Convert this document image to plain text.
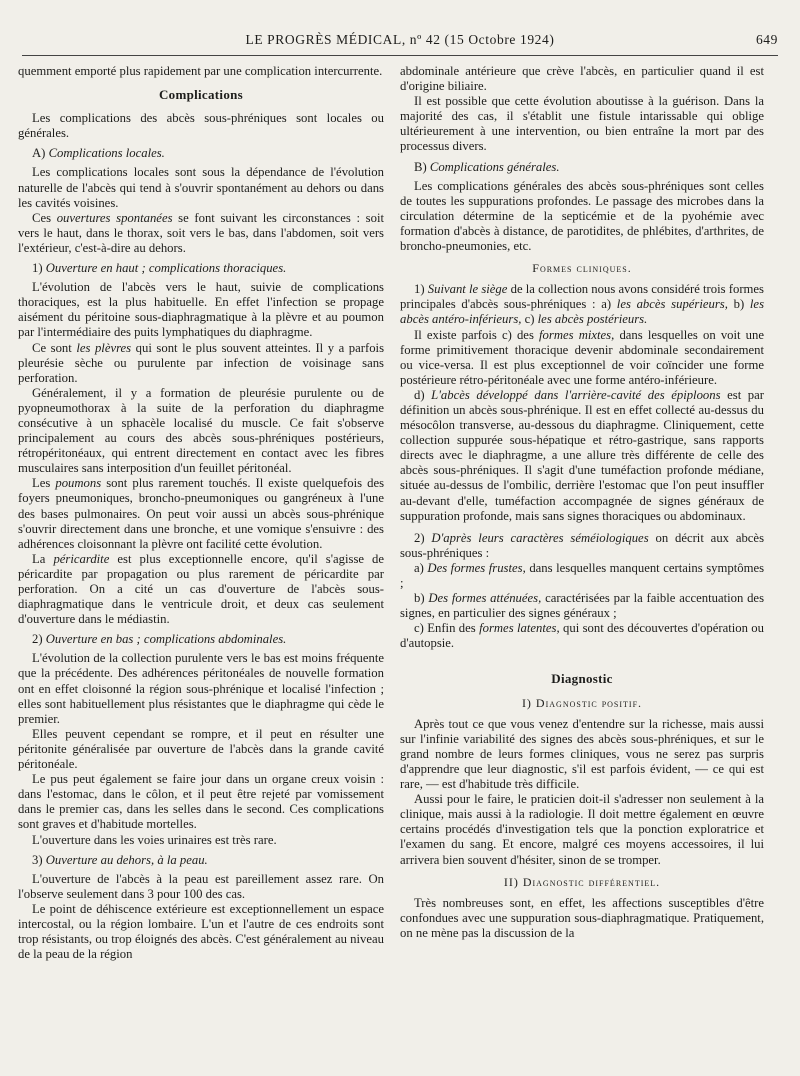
LE PROGRÈS MÉDICAL, nº 42 (15 Octobre 1924)	649

quemment emporté plus rapidement par une complication intercurrente.

Complications

Les complications des abcès sous-phréniques sont locales ou générales.

A) Complications locales.

Les complications locales sont sous la dépendance de l'évolution naturelle de l'abcès qui tend à s'ouvrir spontanément au dehors ou dans les cavités voisines.

Ces ouvertures spontanées se font suivant les circonstances : soit vers le haut, dans le thorax, soit vers le bas, dans l'abdomen, soit vers l'extérieur, c'est-à-dire au dehors.

1) Ouverture en haut ; complications thoraciques.

L'évolution de l'abcès vers le haut, suivie de complications thoraciques, est la plus habituelle. En effet l'infection se propage aisément du péritoine sous-diaphragmatique à la plèvre et au poumon par l'intermédiaire des puits lymphatiques du diaphragme.

Ce sont les plèvres qui sont le plus souvent atteintes. Il y a parfois pleurésie sèche ou purulente par infection de voisinage sans perforation.

Généralement, il y a formation de pleurésie purulente ou de pyopneumothorax à la suite de la perforation du diaphragme consécutive à un sphacèle localisé du muscle. Ce fait s'observe principalement au cours des abcès sous-phréniques postérieurs, rétropéritonéaux, qui entrent directement en contact avec les fibres musculaires sans interposition d'un feuillet péritonéal.

Les poumons sont plus rarement touchés. Il existe quelquefois des foyers pneumoniques, broncho-pneumoniques ou gangréneux à l'une des bases pulmonaires. On peut voir aussi un abcès sous-phrénique s'ouvrir directement dans une bronche, et une vomique s'ensuivre : des adhérences cloisonnant la plèvre ont facilité cette évolution.

La péricardite est plus exceptionnelle encore, qu'il s'agisse de péricardite par propagation ou plus rarement de péricardite par perforation. On a cité un cas d'ouverture de l'abcès sous-diaphragmatique dans le ventricule droit, et deux cas seulement d'ouverture dans le médiastin.

2) Ouverture en bas ; complications abdominales.

L'évolution de la collection purulente vers le bas est moins fréquente que la précédente. Des adhérences péritonéales de nouvelle formation ont en effet cloisonné la région sous-phrénique et localisé l'infection ; elles sont habituellement plus résistantes que le diaphragme qui cède le premier.

Elles peuvent cependant se rompre, et il peut en résulter une péritonite généralisée par ouverture de l'abcès dans la grande cavité péritonéale.

Le pus peut également se faire jour dans un organe creux voisin : dans l'estomac, dans le côlon, et il peut être rejeté par vomissement dans le premier cas, dans les selles dans le second. Ces complications sont graves et d'habitude mortelles.

L'ouverture dans les voies urinaires est très rare.

3) Ouverture au dehors, à la peau.

L'ouverture de l'abcès à la peau est pareillement assez rare. On l'observe seulement dans 3 pour 100 des cas.

Le point de déhiscence extérieure est exceptionnellement un espace intercostal, ou la région lombaire. L'un et l'autre de ces endroits sont trop résistants, ou trop éloignés des abcès. C'est généralement au niveau de la peau de la région

abdominale antérieure que crève l'abcès, en particulier quand il est d'origine biliaire.

Il est possible que cette évolution aboutisse à la guérison. Dans la majorité des cas, il s'établit une fistule intarissable qui oblige ultérieurement à une intervention, ou bien entraîne la mort par des processus divers.

B) Complications générales.

Les complications générales des abcès sous-phréniques sont celles de toutes les suppurations profondes. Le passage des microbes dans la circulation détermine de la septicémie et de la pyohémie avec formation d'abcès à distance, de parotidites, de phlébites, d'arthrites, de broncho-pneumonies, etc.

Formes cliniques.

1) Suivant le siège de la collection nous avons considéré trois formes principales d'abcès sous-phréniques : a) les abcès supérieurs, b) les abcès antéro-inférieurs, c) les abcès postérieurs.

Il existe parfois c) des formes mixtes, dans lesquelles on voit une forme primitivement thoracique devenir abdominale secondairement ou vice-versa. Il est plus exceptionnel de voir coïncider une forme postérieure rétro-péritonéale avec une forme antéro-inférieure.

d) L'abcès développé dans l'arrière-cavité des épiploons est par définition un abcès sous-phrénique. Il est en effet collecté au-dessus du mésocôlon transverse, au-dessous du diaphragme. Cliniquement, cette collection suppurée sous-hépatique et rétro-gastrique, sans rapports directs avec le diaphragme, a une allure très différente de celle des abcès sous-phréniques. Il s'agit d'une tuméfaction profonde médiane, située au-dessus de l'ombilic, derrière l'estomac que l'on peut insuffler au-devant d'elle, tuméfaction accompagnée de signes généraux de suppuration profonde, mais sans signes thoraciques ou abdominaux.

2) D'après leurs caractères séméiologiques on décrit aux abcès sous-phréniques :

a) Des formes frustes, dans lesquelles manquent certains symptômes ;

b) Des formes atténuées, caractérisées par la faible accentuation des signes, en particulier des signes généraux ;

c) Enfin des formes latentes, qui sont des découvertes d'opération ou d'autopsie.

Diagnostic
I) Diagnostic positif.

Après tout ce que vous venez d'entendre sur la richesse, mais aussi sur l'infinie variabilité des signes des abcès sous-phréniques, et sur le grand nombre de leurs formes cliniques, vous ne serez pas surpris d'apprendre que leur diagnostic, s'il est parfois évident, — ce qui est rare, — est d'habitude très difficile.

Aussi pour le faire, le praticien doit-il s'adresser non seulement à la clinique, mais aussi à la radiologie. Il doit mettre également en œuvre certains procédés d'investigation tels que la ponction exploratrice et l'examen du sang. Et encore, malgré ces moyens accessoires, il lui arrivera bien souvent d'hésiter, sinon de se tromper.

II) Diagnostic différentiel.

Très nombreuses sont, en effet, les affections susceptibles d'être confondues avec une suppuration sous-diaphragmatique. Pratiquement, on ne mène pas la discussion de la
